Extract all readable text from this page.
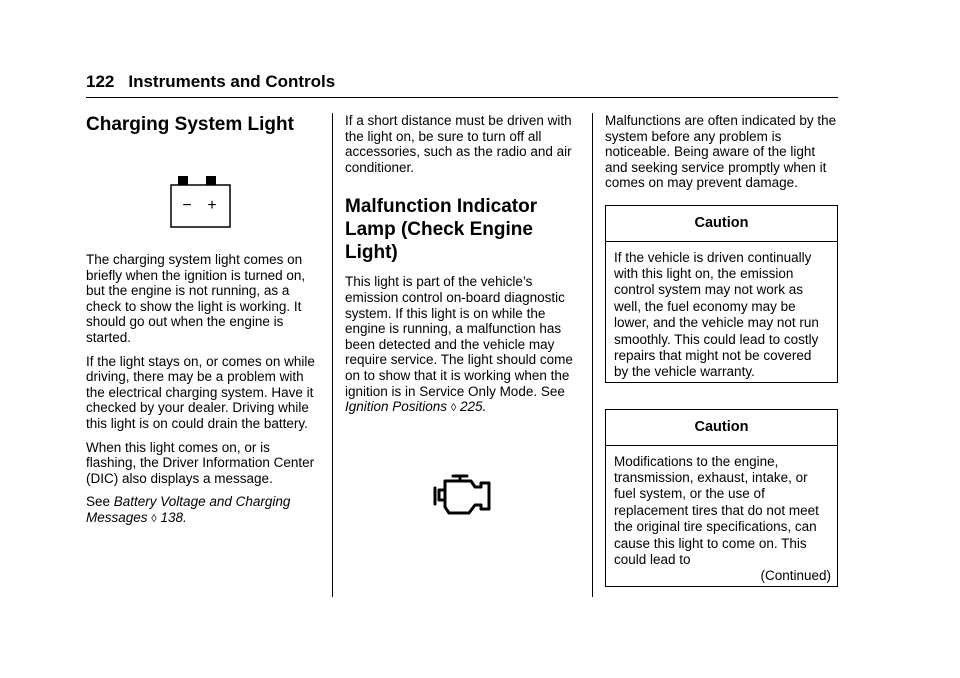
122 Instruments and Controls
Charging System Light
− +

The charging system light comes on briefly when the ignition is turned on, but the engine is not running, as a check to show the light is working. It should go out when the engine is started.

If the light stays on, or comes on while driving, there may be a problem with the electrical charging system. Have it checked by your dealer. Driving while this light is on could drain the battery.

When this light comes on, or is flashing, the Driver Information Center (DIC) also displays a message.

See Battery Voltage and Charging Messages ◊ 138.

If a short distance must be driven with the light on, be sure to turn off all accessories, such as the radio and air conditioner.

Malfunction Indicator Lamp (Check Engine Light)

This light is part of the vehicle’s emission control on-board diagnostic system. If this light is on while the engine is running, a malfunction has been detected and the vehicle may require service. The light should come on to show that it is working when the ignition is in Service Only Mode. See Ignition Positions ◊ 225.

Malfunctions are often indicated by the system before any problem is noticeable. Being aware of the light and seeking service promptly when it comes on may prevent damage.

Caution
If the vehicle is driven continually with this light on, the emission control system may not work as well, the fuel economy may be lower, and the vehicle may not run smoothly. This could lead to costly repairs that might not be covered by the vehicle warranty.
Caution
Modifications to the engine, transmission, exhaust, intake, or fuel system, or the use of replacement tires that do not meet the original tire specifications, can cause this light to come on. This could lead to
(Continued)
